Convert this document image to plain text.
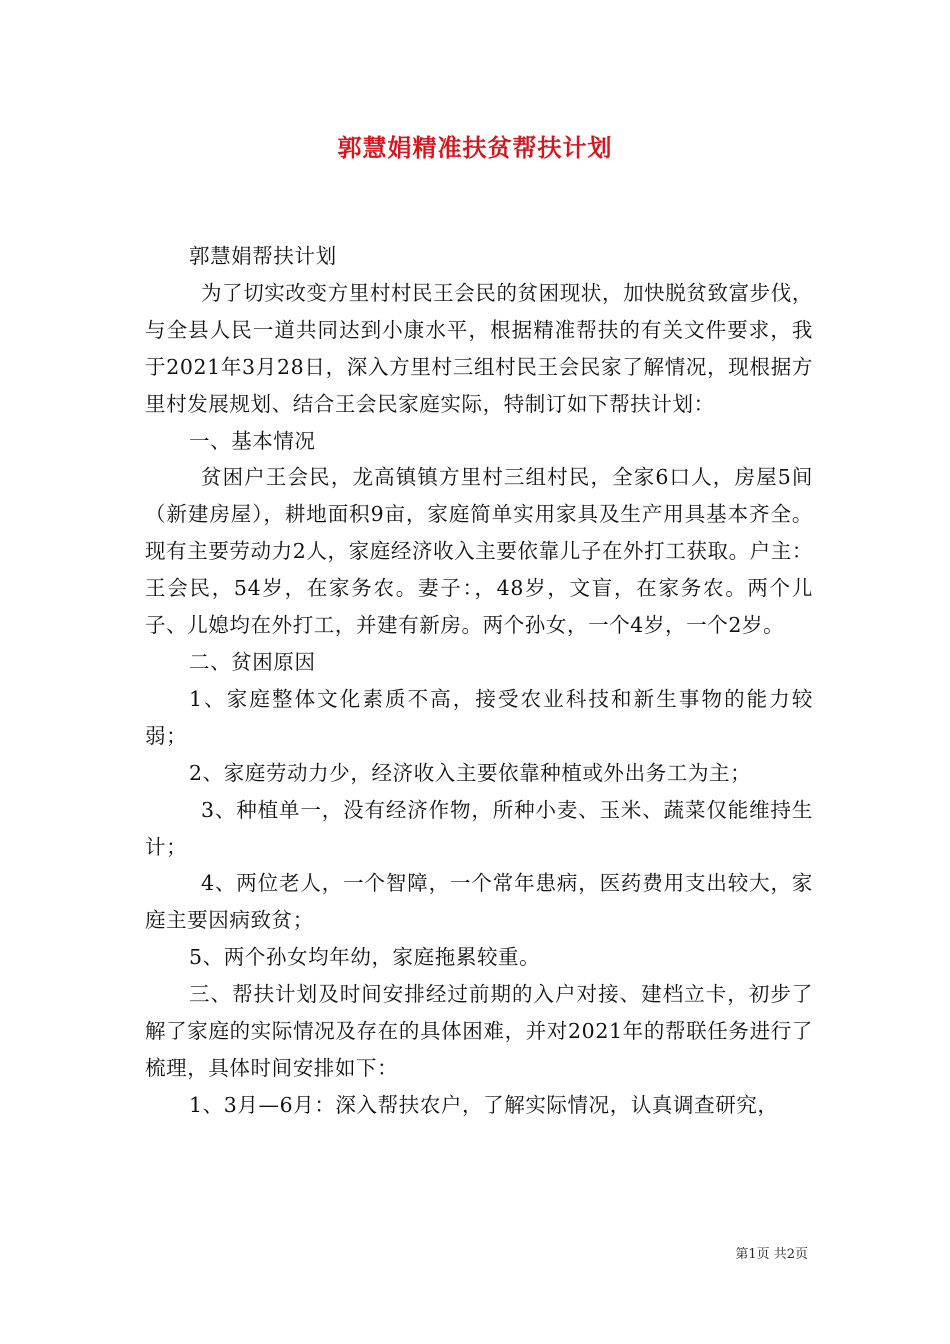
郭慧娟精准扶贫帮扶计划

郭慧娟帮扶计划

为了切实改变方里村村民王会民的贫困现状，加快脱贫致富步伐，与全县人民一道共同达到小康水平，根据精准帮扶的有关文件要求，我于2021年3月28日，深入方里村三组村民王会民家了解情况，现根据方里村发展规划、结合王会民家庭实际，特制订如下帮扶计划：

一、基本情况

贫困户王会民，龙高镇镇方里村三组村民，全家6口人，房屋5间（新建房屋），耕地面积9亩，家庭简单实用家具及生产用具基本齐全。现有主要劳动力2人，家庭经济收入主要依靠儿子在外打工获取。户主：王会民，54岁，在家务农。妻子：，48岁，文盲，在家务农。两个儿子、儿媳均在外打工，并建有新房。两个孙女，一个4岁，一个2岁。

二、贫困原因

1、家庭整体文化素质不高，接受农业科技和新生事物的能力较弱；

2、家庭劳动力少，经济收入主要依靠种植或外出务工为主；

3、种植单一，没有经济作物，所种小麦、玉米、蔬菜仅能维持生计；

4、两位老人，一个智障，一个常年患病，医药费用支出较大，家庭主要因病致贫；

5、两个孙女均年幼，家庭拖累较重。

三、帮扶计划及时间安排经过前期的入户对接、建档立卡，初步了解了家庭的实际情况及存在的具体困难，并对2021年的帮联任务进行了梳理，具体时间安排如下：

1、3月—6月：深入帮扶农户，了解实际情况，认真调查研究，

第1页 共2页
